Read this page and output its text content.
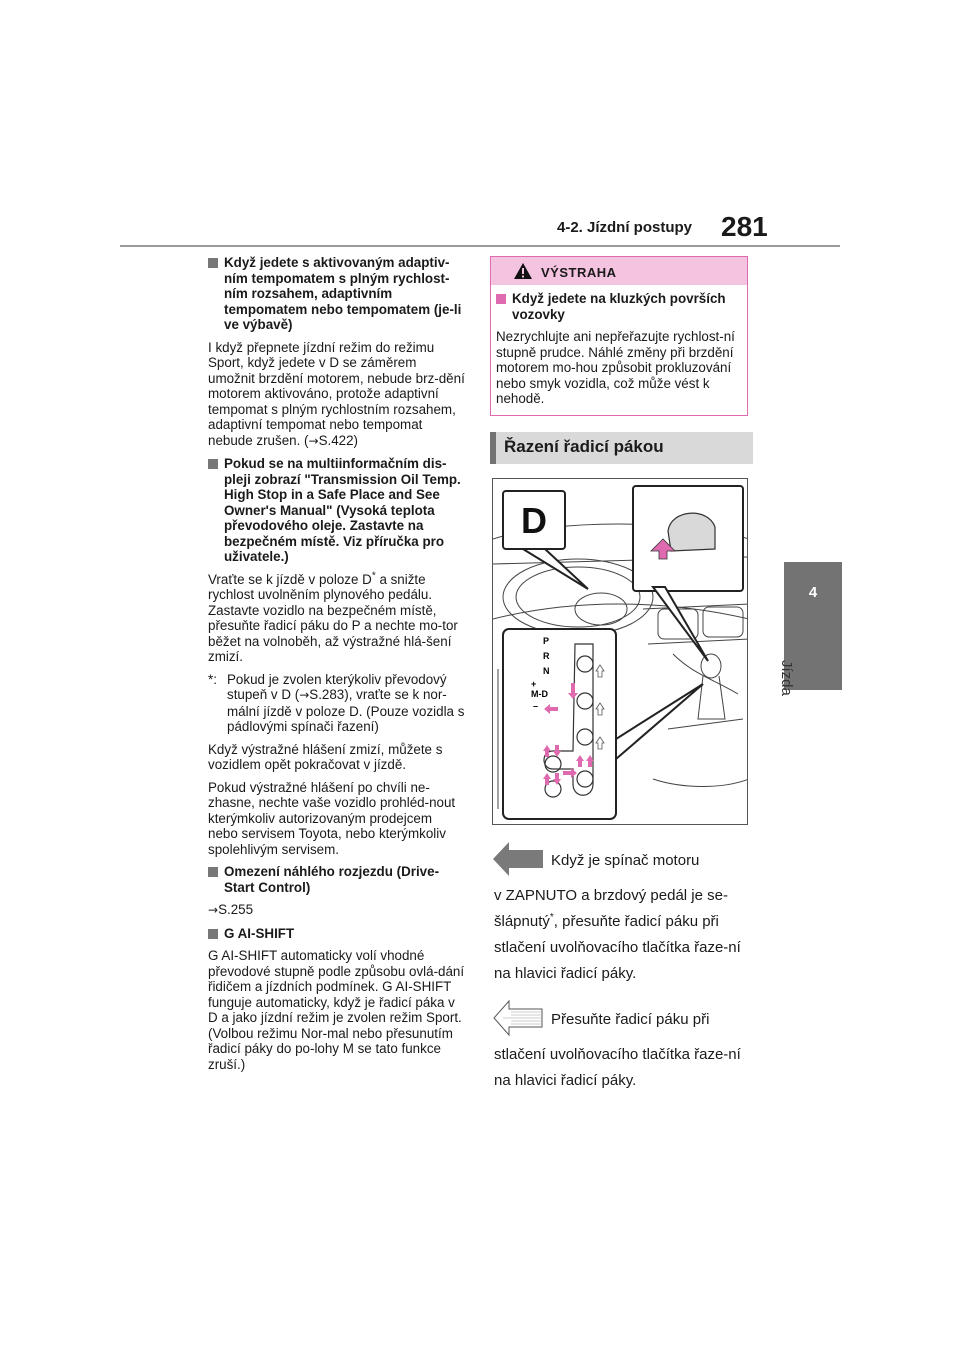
4-2. Jízdní postupy 281
4
Jízda
Když jedete s aktivovaným adaptiv-ním tempomatem s plným rychlost-ním rozsahem, adaptivním tempomatem nebo tempomatem (je-li ve výbavě)

I když přepnete jízdní režim do režimu Sport, když jedete v D se záměrem umožnit brzdění motorem, nebude brz-dění motorem aktivováno, protože adaptivní tempomat s plným rychlostním rozsahem, adaptivní tempomat nebo tempomat nebude zrušen. (→S.422)

Pokud se na multiinformačním dis-pleji zobrazí "Transmission Oil Temp. High Stop in a Safe Place and See Owner's Manual" (Vysoká teplota převodového oleje. Zastavte na bezpečném místě. Viz příručka pro uživatele.)

Vraťte se k jízdě v poloze D* a snižte rychlost uvolněním plynového pedálu. Zastavte vozidlo na bezpečném místě, přesuňte řadicí páku do P a nechte mo-tor běžet na volnoběh, až výstražné hlá-šení zmizí.

*: Pokud je zvolen kterýkoliv převodový stupeň v D (→S.283), vraťte se k nor-mální jízdě v poloze D. (Pouze vozidla s pádlovými spínači řazení)

Když výstražné hlášení zmizí, můžete s vozidlem opět pokračovat v jízdě.

Pokud výstražné hlášení po chvíli ne-zhasne, nechte vaše vozidlo prohléd-nout kterýmkoliv autorizovaným prodejcem nebo servisem Toyota, nebo kterýmkoliv spolehlivým servisem.

Omezení náhlého rozjezdu (Drive-Start Control)

→S.255

G AI-SHIFT

G AI-SHIFT automaticky volí vhodné převodové stupně podle způsobu ovlá-dání řidičem a jízdních podmínek. G AI-SHIFT funguje automaticky, když je řadicí páka v D a jako jízdní režim je zvolen režim Sport. (Volbou režimu Nor-mal nebo přesunutím řadicí páky do po-lohy M se tato funkce zruší.)

VÝSTRAHA
Když jedete na kluzkých površích vozovky

Nezrychlujte ani nepřeřazujte rychlost-ní stupně prudce. Náhlé změny při brzdění motorem mo-hou způsobit prokluzování nebo smyk vozidla, což může vést k nehodě.

Řazení řadicí pákou
D
P
R
N
+
M-D
–
Když je spínač motoru
v ZAPNUTO a brzdový pedál je se-šlápnutý*, přesuňte řadicí páku při stlačení uvolňovacího tlačítka řaze-ní na hlavici řadicí páky.
Přesuňte řadicí páku při
stlačení uvolňovacího tlačítka řaze-ní na hlavici řadicí páky.
